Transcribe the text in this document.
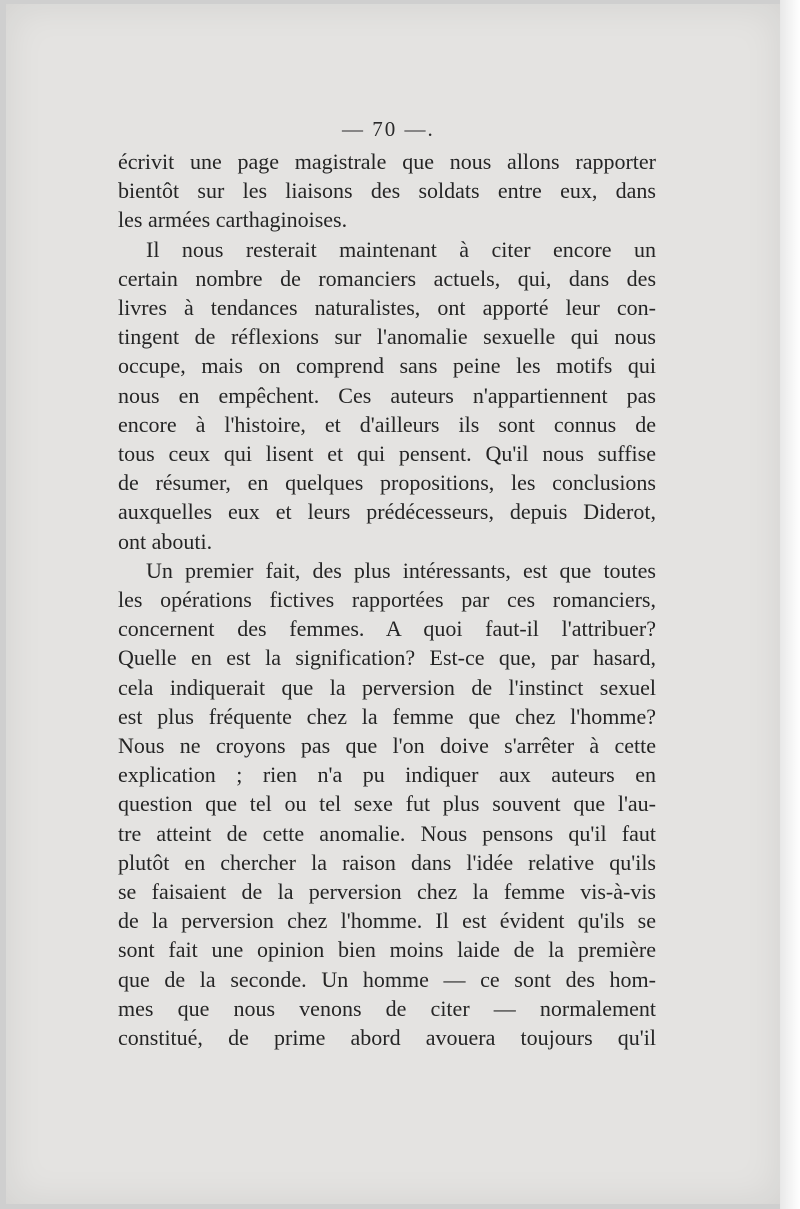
— 70 —.
écrivit une page magistrale que nous allons rapporter
bientôt sur les liaisons des soldats entre eux, dans
les armées carthaginoises.
Il nous resterait maintenant à citer encore un
certain nombre de romanciers actuels, qui, dans des
livres à tendances naturalistes, ont apporté leur con-
tingent de réflexions sur l'anomalie sexuelle qui nous
occupe, mais on comprend sans peine les motifs qui
nous en empêchent. Ces auteurs n'appartiennent pas
encore à l'histoire, et d'ailleurs ils sont connus de
tous ceux qui lisent et qui pensent. Qu'il nous suffise
de résumer, en quelques propositions, les conclusions
auxquelles eux et leurs prédécesseurs, depuis Diderot,
ont abouti.
Un premier fait, des plus intéressants, est que toutes
les opérations fictives rapportées par ces romanciers,
concernent des femmes. A quoi faut-il l'attribuer?
Quelle en est la signification? Est-ce que, par hasard,
cela indiquerait que la perversion de l'instinct sexuel
est plus fréquente chez la femme que chez l'homme?
Nous ne croyons pas que l'on doive s'arrêter à cette
explication ; rien n'a pu indiquer aux auteurs en
question que tel ou tel sexe fut plus souvent que l'au-
tre atteint de cette anomalie. Nous pensons qu'il faut
plutôt en chercher la raison dans l'idée relative qu'ils
se faisaient de la perversion chez la femme vis-à-vis
de la perversion chez l'homme. Il est évident qu'ils se
sont fait une opinion bien moins laide de la première
que de la seconde. Un homme — ce sont des hom-
mes que nous venons de citer — normalement
constitué, de prime abord avouera toujours qu'il
